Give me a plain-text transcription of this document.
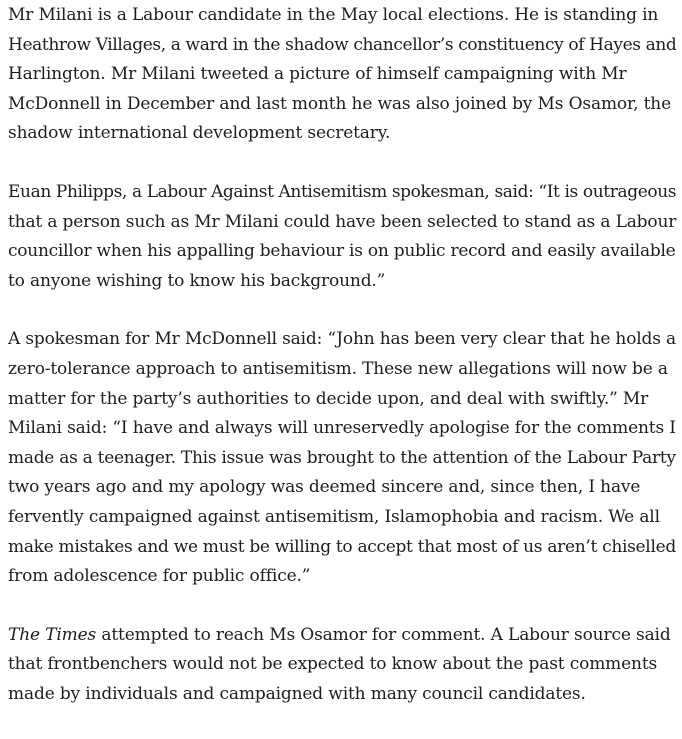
Mr Milani is a Labour candidate in the May local elections. He is standing in
Heathrow Villages, a ward in the shadow chancellor’s constituency of Hayes and
Harlington. Mr Milani tweeted a picture of himself campaigning with Mr
McDonnell in December and last month he was also joined by Ms Osamor, the
shadow international development secretary.

Euan Philipps, a Labour Against Antisemitism spokesman, said: “It is outrageous
that a person such as Mr Milani could have been selected to stand as a Labour
councillor when his appalling behaviour is on public record and easily available
to anyone wishing to know his background.”

A spokesman for Mr McDonnell said: “John has been very clear that he holds a
zero-tolerance approach to antisemitism. These new allegations will now be a
matter for the party’s authorities to decide upon, and deal with swiftly.” Mr
Milani said: “I have and always will unreservedly apologise for the comments I
made as a teenager. This issue was brought to the attention of the Labour Party
two years ago and my apology was deemed sincere and, since then, I have
fervently campaigned against antisemitism, Islamophobia and racism. We all
make mistakes and we must be willing to accept that most of us aren’t chiselled
from adolescence for public office.”

The Times attempted to reach Ms Osamor for comment. A Labour source said
that frontbenchers would not be expected to know about the past comments
made by individuals and campaigned with many council candidates.
